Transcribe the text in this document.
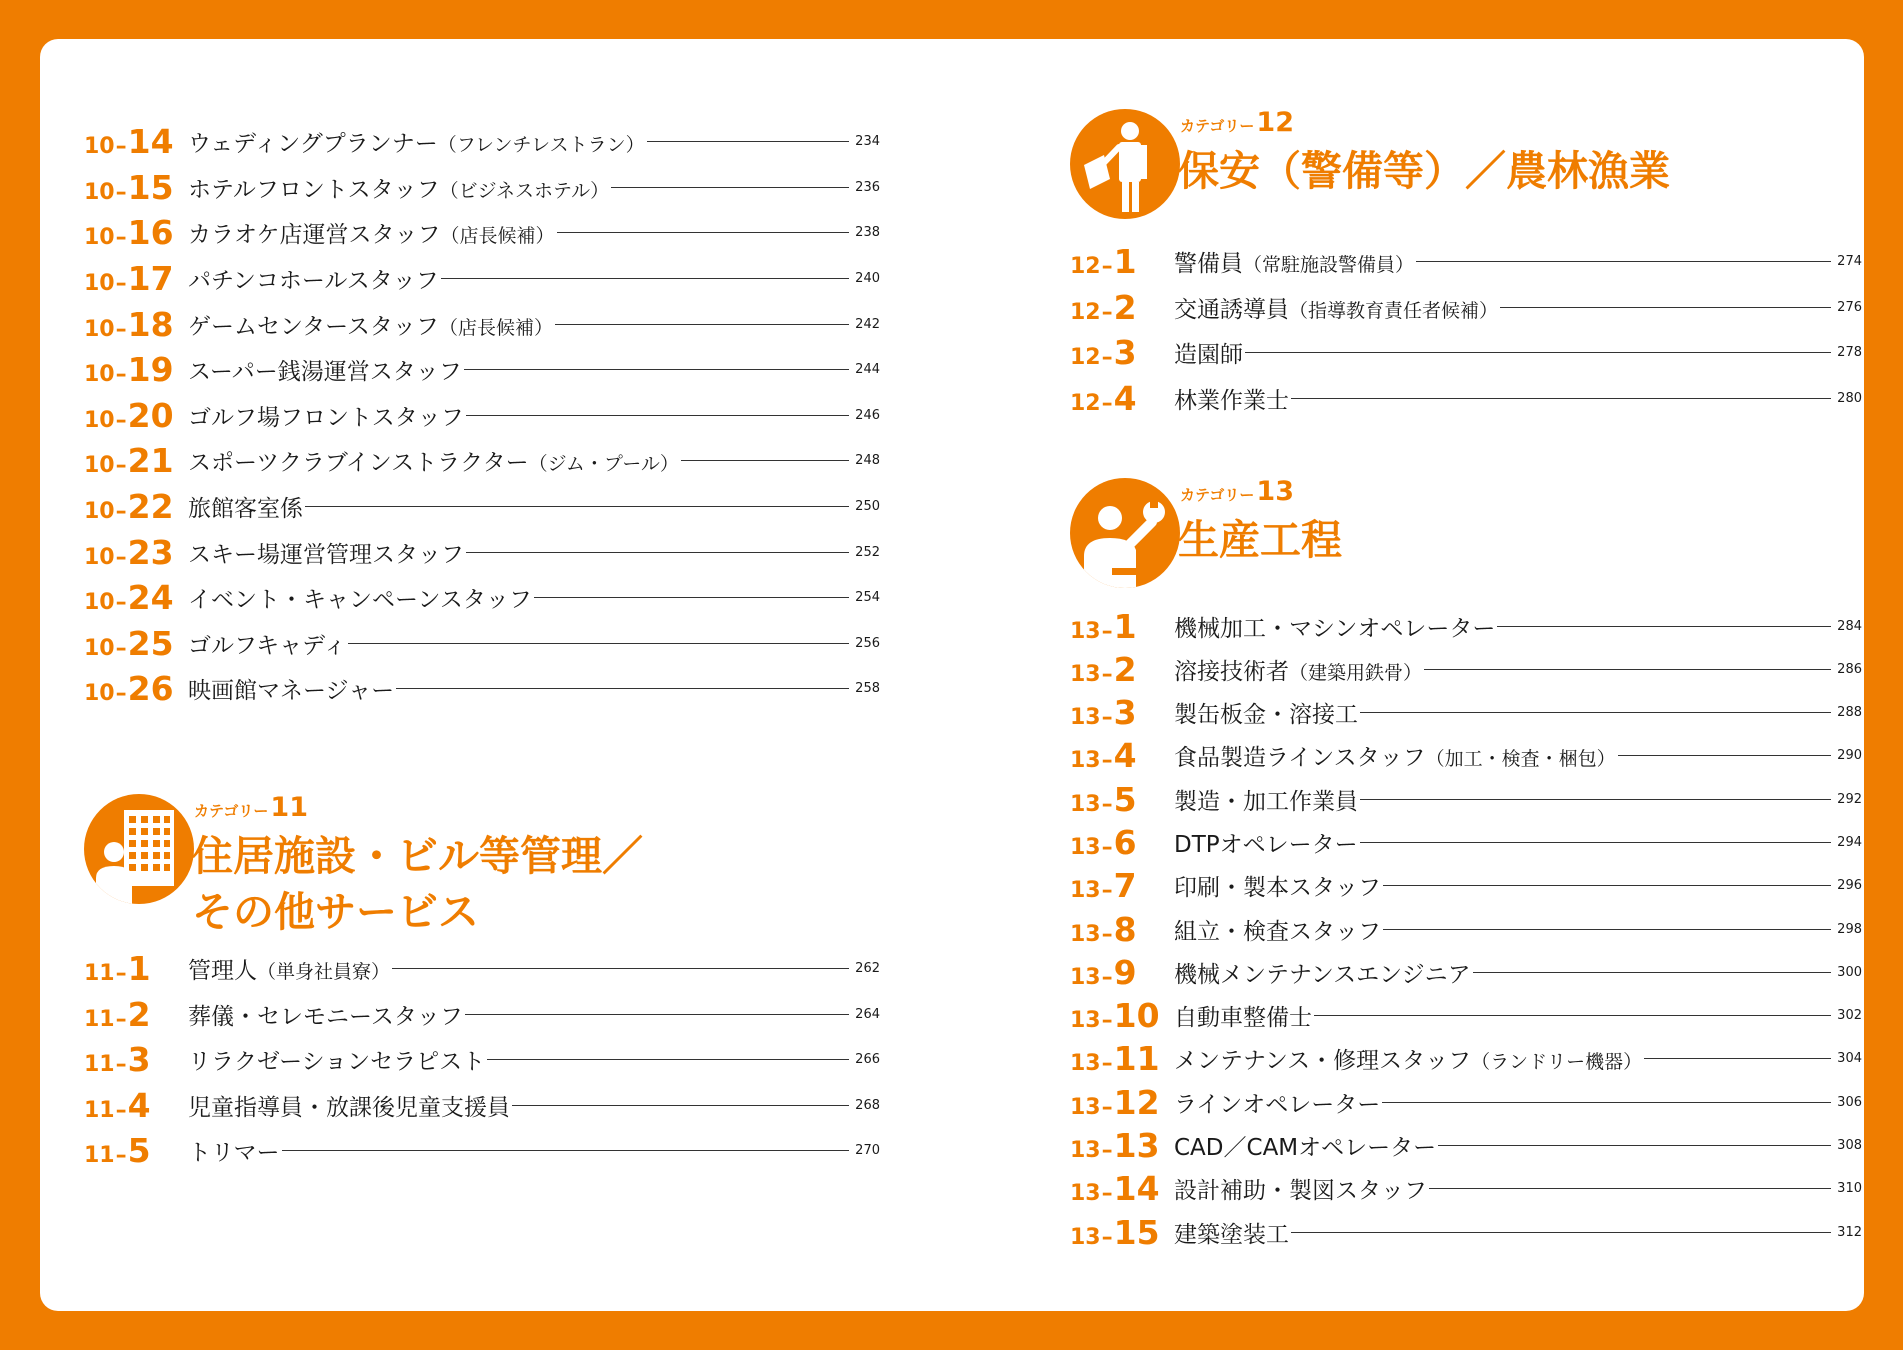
10 – 14 ウェディングプランナー（フレンチレストラン）	234
10 – 15 ホテルフロントスタッフ（ビジネスホテル）	236
10 – 16 カラオケ店運営スタッフ（店長候補）	238
10 – 17 パチンコホールスタッフ	240
10 – 18 ゲームセンタースタッフ（店長候補）	242
10 – 19 スーパー銭湯運営スタッフ	244
10 – 20 ゴルフ場フロントスタッフ	246
10 – 21 スポーツクラブインストラクター（ジム・プール）	248
10 – 22 旅館客室係	250
10 – 23 スキー場運営管理スタッフ	252
10 – 24 イベント・キャンペーンスタッフ	254
10 – 25 ゴルフキャディ	256
10 – 26 映画館マネージャー	258
カテゴリー11
住居施設・ビル等管理／
その他サービス
11 – 1 管理人（単身社員寮）	262
11 – 2 葬儀・セレモニースタッフ	264
11 – 3 リラクゼーションセラピスト	266
11 – 4 児童指導員・放課後児童支援員	268
11 – 5 トリマー	270
カテゴリー12
保安（警備等）／農林漁業
12 – 1 警備員（常駐施設警備員）	274
12 – 2 交通誘導員（指導教育責任者候補）	276
12 – 3 造園師	278
12 – 4 林業作業士	280
カテゴリー13
生産工程
13 – 1 機械加工・マシンオペレーター	284
13 – 2 溶接技術者（建築用鉄骨）	286
13 – 3 製缶板金・溶接工	288
13 – 4 食品製造ラインスタッフ（加工・検査・梱包）	290
13 – 5 製造・加工作業員	292
13 – 6 DTPオペレーター	294
13 – 7 印刷・製本スタッフ	296
13 – 8 組立・検査スタッフ	298
13 – 9 機械メンテナンスエンジニア	300
13 – 10 自動車整備士	302
13 – 11 メンテナンス・修理スタッフ（ランドリー機器）	304
13 – 12 ラインオペレーター	306
13 – 13 CAD／CAMオペレーター	308
13 – 14 設計補助・製図スタッフ	310
13 – 15 建築塗装工	312
